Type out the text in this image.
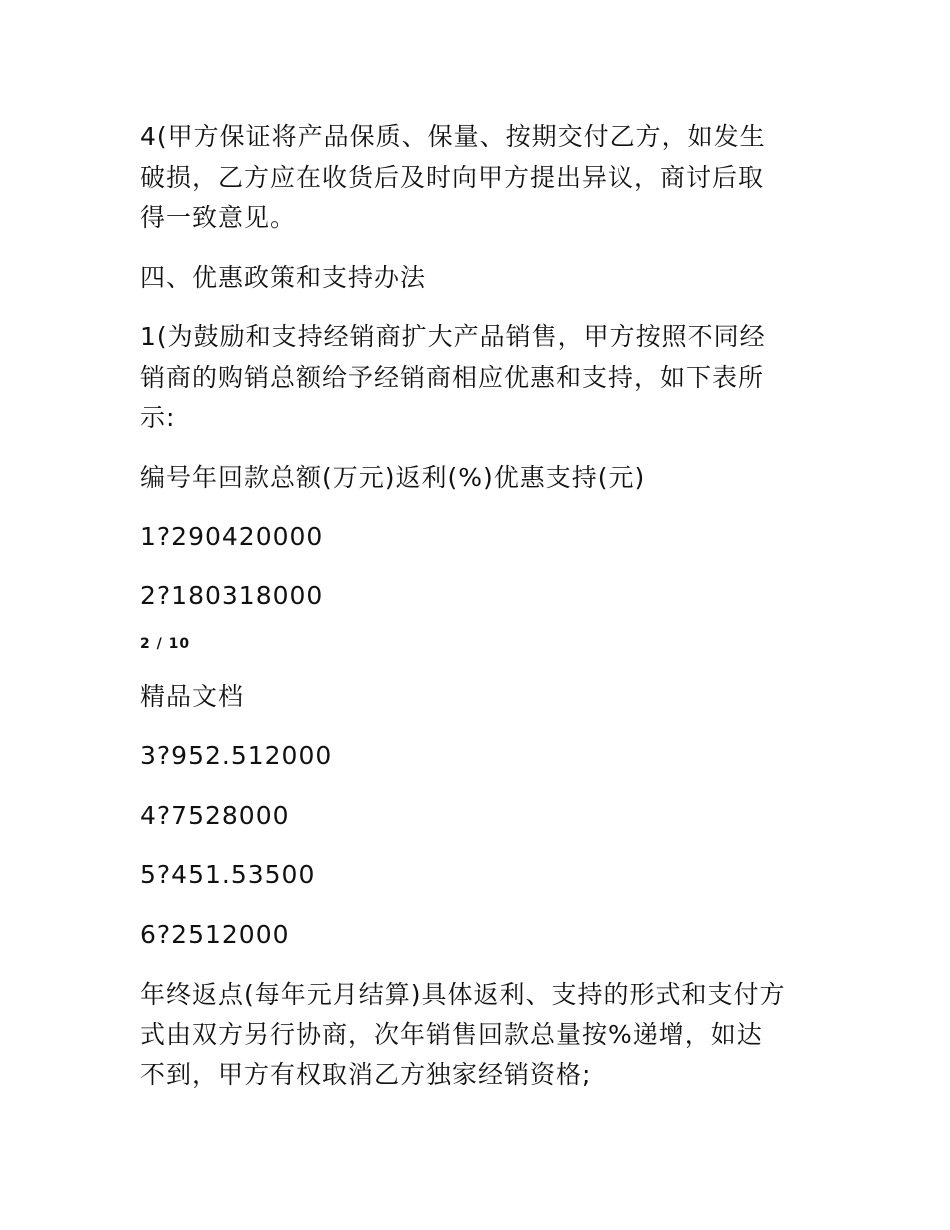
4(甲方保证将产品保质、保量、按期交付乙方，如发生
破损，乙方应在收货后及时向甲方提出异议，商讨后取
得一致意见。
四、优惠政策和支持办法
1(为鼓励和支持经销商扩大产品销售，甲方按照不同经
销商的购销总额给予经销商相应优惠和支持，如下表所
示:
编号年回款总额(万元)返利(%)优惠支持(元)
1?290420000
2?180318000
2 / 10
精品文档
3?952.512000
4?7528000
5?451.53500
6?2512000
年终返点(每年元月结算)具体返利、支持的形式和支付方
式由双方另行协商，次年销售回款总量按%递增，如达
不到，甲方有权取消乙方独家经销资格;
